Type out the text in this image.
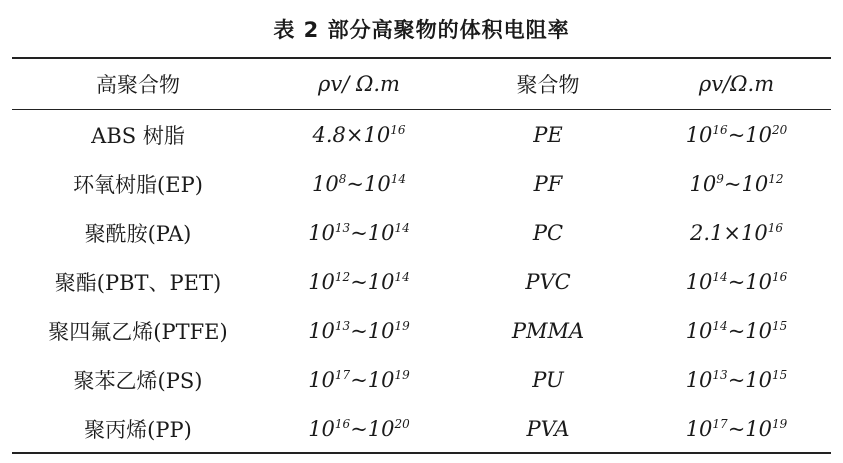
表 2 部分高聚物的体积电阻率
高聚合物	ρv/ Ω.m	聚合物	ρv/Ω.m
ABS 树脂	$4.8\times 10^{16}$	PE	$10^{16}\sim 10^{20}$
环氧树脂(EP)	$10^8\sim 10^{14}$	PF	$10^9\sim 10^{12}$
聚酰胺(PA)	$10^{13}\sim 10^{14}$	PC	$2.1\times 10^{16}$
聚酯(PBT、PET)	$10^{12}\sim 10^{14}$	PVC	$10^{14}\sim 10^{16}$
聚四氟乙烯(PTFE)	$10^{13}\sim 10^{19}$	PMMA	$10^{14}\sim 10^{15}$
聚苯乙烯(PS)	$10^{17}\sim 10^{19}$	PU	$10^{13}\sim 10^{15}$
聚丙烯(PP)	$10^{16}\sim 10^{20}$	PVA	$10^{17}\sim 10^{19}$
